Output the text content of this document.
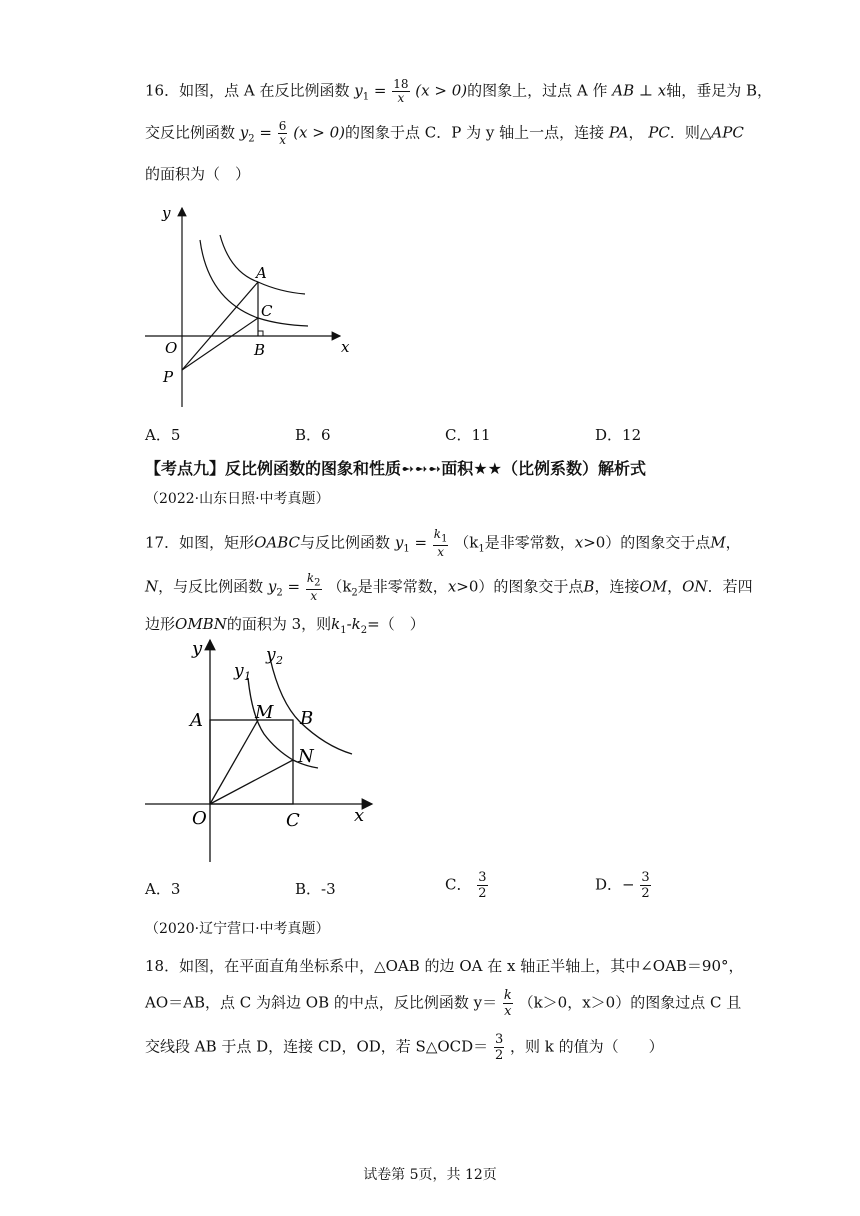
16．如图，点 A 在反比例函数 $y_1 = \frac{18}{x} (x > 0)$的图象上，过点 A 作 AB ⊥ x轴，垂足为 B，
交反比例函数 $y_2 = \frac{6}{x} (x > 0)$的图象于点 C．P 为 y 轴上一点，连接 PA， PC．则△APC
的面积为（　）
y
A
C
O	B	x
P
A．5	B．6	C．11	D．12
【考点九】反比例函数的图象和性质➻➻➻面积★★（比例系数）解析式
（2022·山东日照·中考真题）
17．如图，矩形OABC与反比例函数 $y_1 = \frac{k_1}{x} (k_1$是非零常数，x>0）的图象交于点M，
N，与反比例函数 $y_2 = \frac{k_2}{x} (k_2$是非零常数，x>0）的图象交于点B，连接OM，ON．若四
边形OMBN的面积为 3，则$k_1-k_2=$（　）
y	y 2
y 1
A	M B
N
O	C	x
A．3	B．-3	C． $\frac{3}{2}$	D．− $\frac{3}{2}$
（2020·辽宁营口·中考真题）
18．如图，在平面直角坐标系中，△OAB 的边 OA 在 x 轴正半轴上，其中∠OAB＝90°，
AO＝AB，点 C 为斜边 OB 的中点，反比例函数 $y= \frac{k}{x} (k>0$，x＞0）的图象过点 C 且
交线段 AB 于点 D，连接 CD，OD，若 S△OCD＝ $\frac{3}{2}$ ，则 k 的值为（　　）
试卷第 5页，共 12页
